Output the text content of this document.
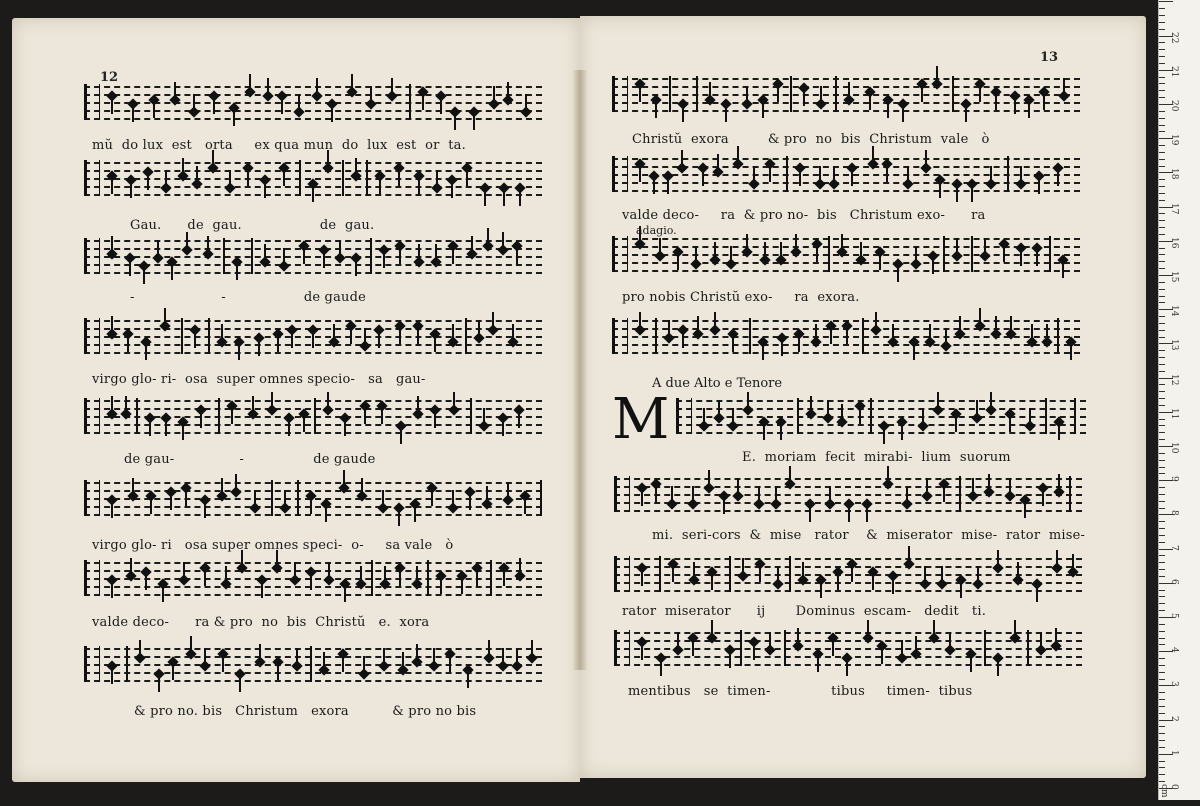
12
13
mŭ  do lux  est   orta     ex qua mun  do  lux  est  or  ta.
Gau.      de  gau.                  de  gau.
-                    -                  de gaude
virgo glo- ri-  osa  super omnes specio-   sa   gau-
de gau-               -                de gaude
virgo glo- ri   osa super omnes speci-  o-     sa vale   ò
valde deco-      ra & pro  no  bis  Christŭ   e.  xora
& pro no. bis   Christum   exora          & pro no bis
Christŭ  exora         & pro  no  bis  Christum  vale   ò
valde deco-     ra  & pro no-  bis   Christum exo-      ra
adagio.
pro nobis Christŭ exo-     ra  exora.
A due Alto e Tenore
M
E.  moriam  fecit  mirabi-  lium  suorum
mi.  seri-cors  &  mise   rator    &  miserator  mise-  rator  mise-
rator  miserator      ij       Dominus  escam-   dedit   ti.
mentibus   se  timen-              tibus     timen-  tibus
0 cm
1
2
3
4
5
6
7
8
9
10
11
12
13
14
15
16
17
18
19
20
21
22
